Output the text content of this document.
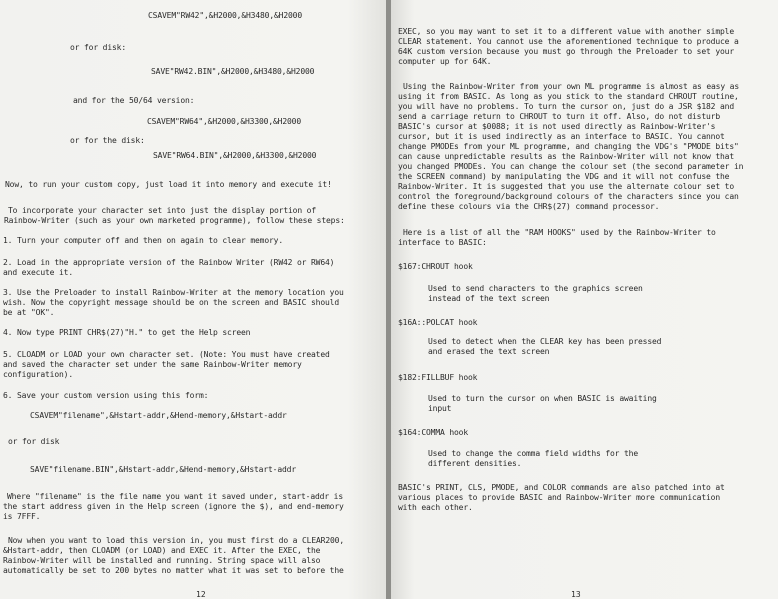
CSAVEM"RW42",&H2000,&H3480,&H2000
or for disk:
SAVE"RW42.BIN",&H2000,&H3480,&H2000
and for the 50/64 version:
CSAVEM"RW64",&H2000,&H3300,&H2000
or for the disk:
SAVE"RW64.BIN",&H2000,&H3300,&H2000
Now, to run your custom copy, just load it into memory and execute it!
To incorporate your character set into just the display portion of
Rainbow-Writer (such as your own marketed programme), follow these steps:
1. Turn your computer off and then on again to clear memory.
2. Load in the appropriate version of the Rainbow Writer (RW42 or RW64)
and execute it.
3. Use the Preloader to install Rainbow-Writer at the memory location you
wish. Now the copyright message should be on the screen and BASIC should
be at "OK".
4. Now type PRINT CHR$(27)"H." to get the Help screen
5. CLOADM or LOAD your own character set. (Note: You must have created
and saved the character set under the same Rainbow-Writer memory
configuration).
6. Save your custom version using this form:
CSAVEM"filename",&Hstart-addr,&Hend-memory,&Hstart-addr
or for disk
SAVE"filename.BIN",&Hstart-addr,&Hend-memory,&Hstart-addr
Where "filename" is the file name you want it saved under, start-addr is
the start address given in the Help screen (ignore the $), and end-memory
is 7FFF.
Now when you want to load this version in, you must first do a CLEAR200,
&Hstart-addr, then CLOADM (or LOAD) and EXEC it. After the EXEC, the
Rainbow-Writer will be installed and running. String space will also
automatically be set to 200 bytes no matter what it was set to before the
12
EXEC, so you may want to set it to a different value with another simple
CLEAR statement. You cannot use the aforementioned technique to produce a
64K custom version because you must go through the Preloader to set your
computer up for 64K.
Using the Rainbow-Writer from your own ML programme is almost as easy as
using it from BASIC. As long as you stick to the standard CHROUT routine,
you will have no problems. To turn the cursor on, just do a JSR $182 and
send a carriage return to CHROUT to turn it off. Also, do not disturb
BASIC's cursor at $0088; it is not used directly as Rainbow-Writer's
cursor, but it is used indirectly as an interface to BASIC. You cannot
change PMODEs from your ML programme, and changing the VDG's "PMODE bits"
can cause unpredictable results as the Rainbow-Writer will not know that
you changed PMODEs. You can change the colour set (the second parameter in
the SCREEN command) by manipulating the VDG and it will not confuse the
Rainbow-Writer. It is suggested that you use the alternate colour set to
control the foreground/background colours of the characters since you can
define these colours via the CHR$(27) command processor.
Here is a list of all the "RAM HOOKS" used by the Rainbow-Writer to
interface to BASIC:
$167:CHROUT hook
Used to send characters to the graphics screen
instead of the text screen
$16A::POLCAT hook
Used to detect when the CLEAR key has been pressed
and erased the text screen
$182:FILLBUF hook
Used to turn the cursor on when BASIC is awaiting
input
$164:COMMA hook
Used to change the comma field widths for the
different densities.
BASIC's PRINT, CLS, PMODE, and COLOR commands are also patched into at
various places to provide BASIC and Rainbow-Writer more communication
with each other.
13
